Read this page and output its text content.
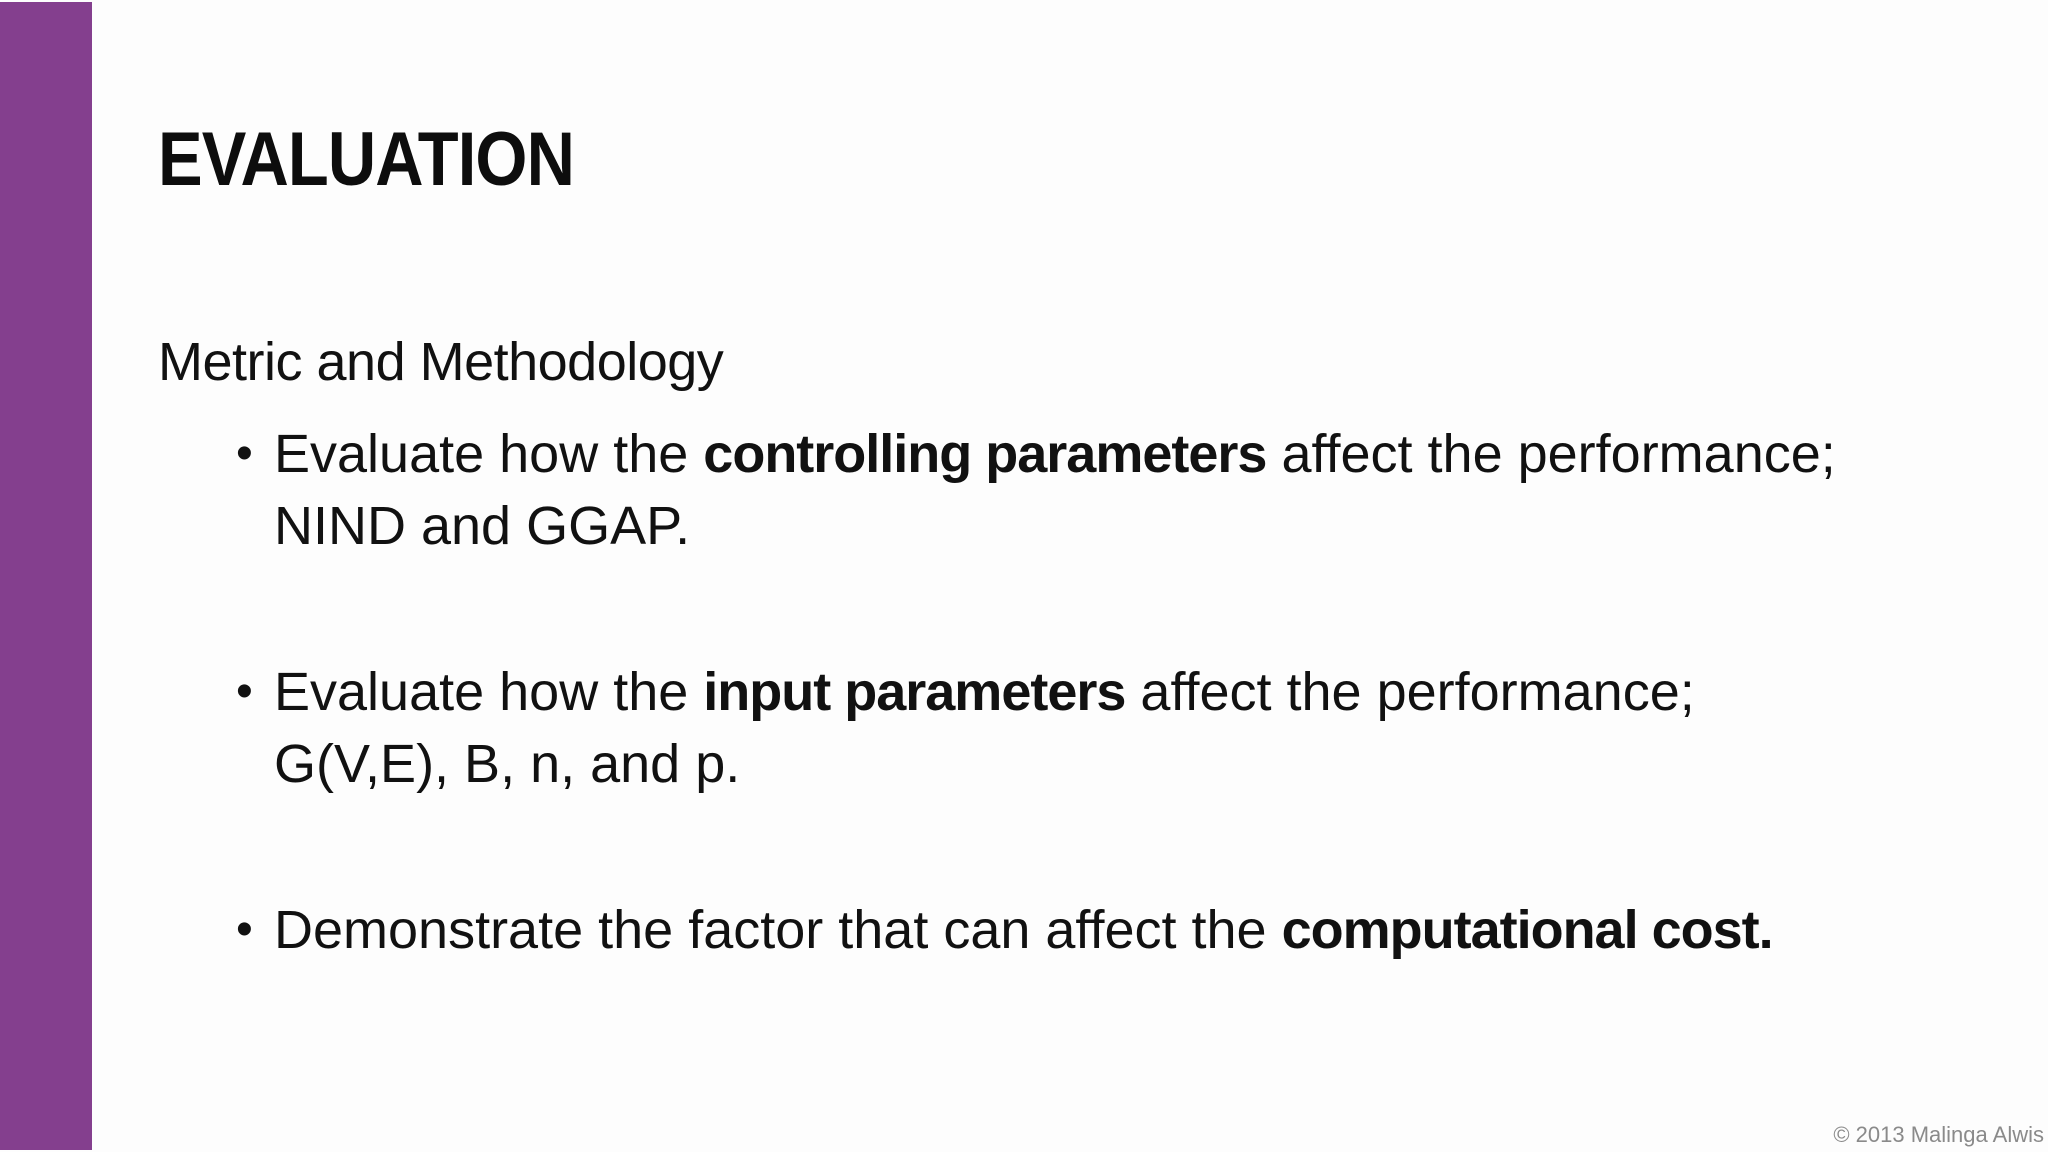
EVALUATION
Metric and Methodology
• Evaluate how the controlling parameters affect the performance; NIND and GGAP.
• Evaluate how the input parameters affect the performance; G(V,E), B, n, and p.
• Demonstrate the factor that can affect the computational cost.
© 2013 Malinga Alwis
